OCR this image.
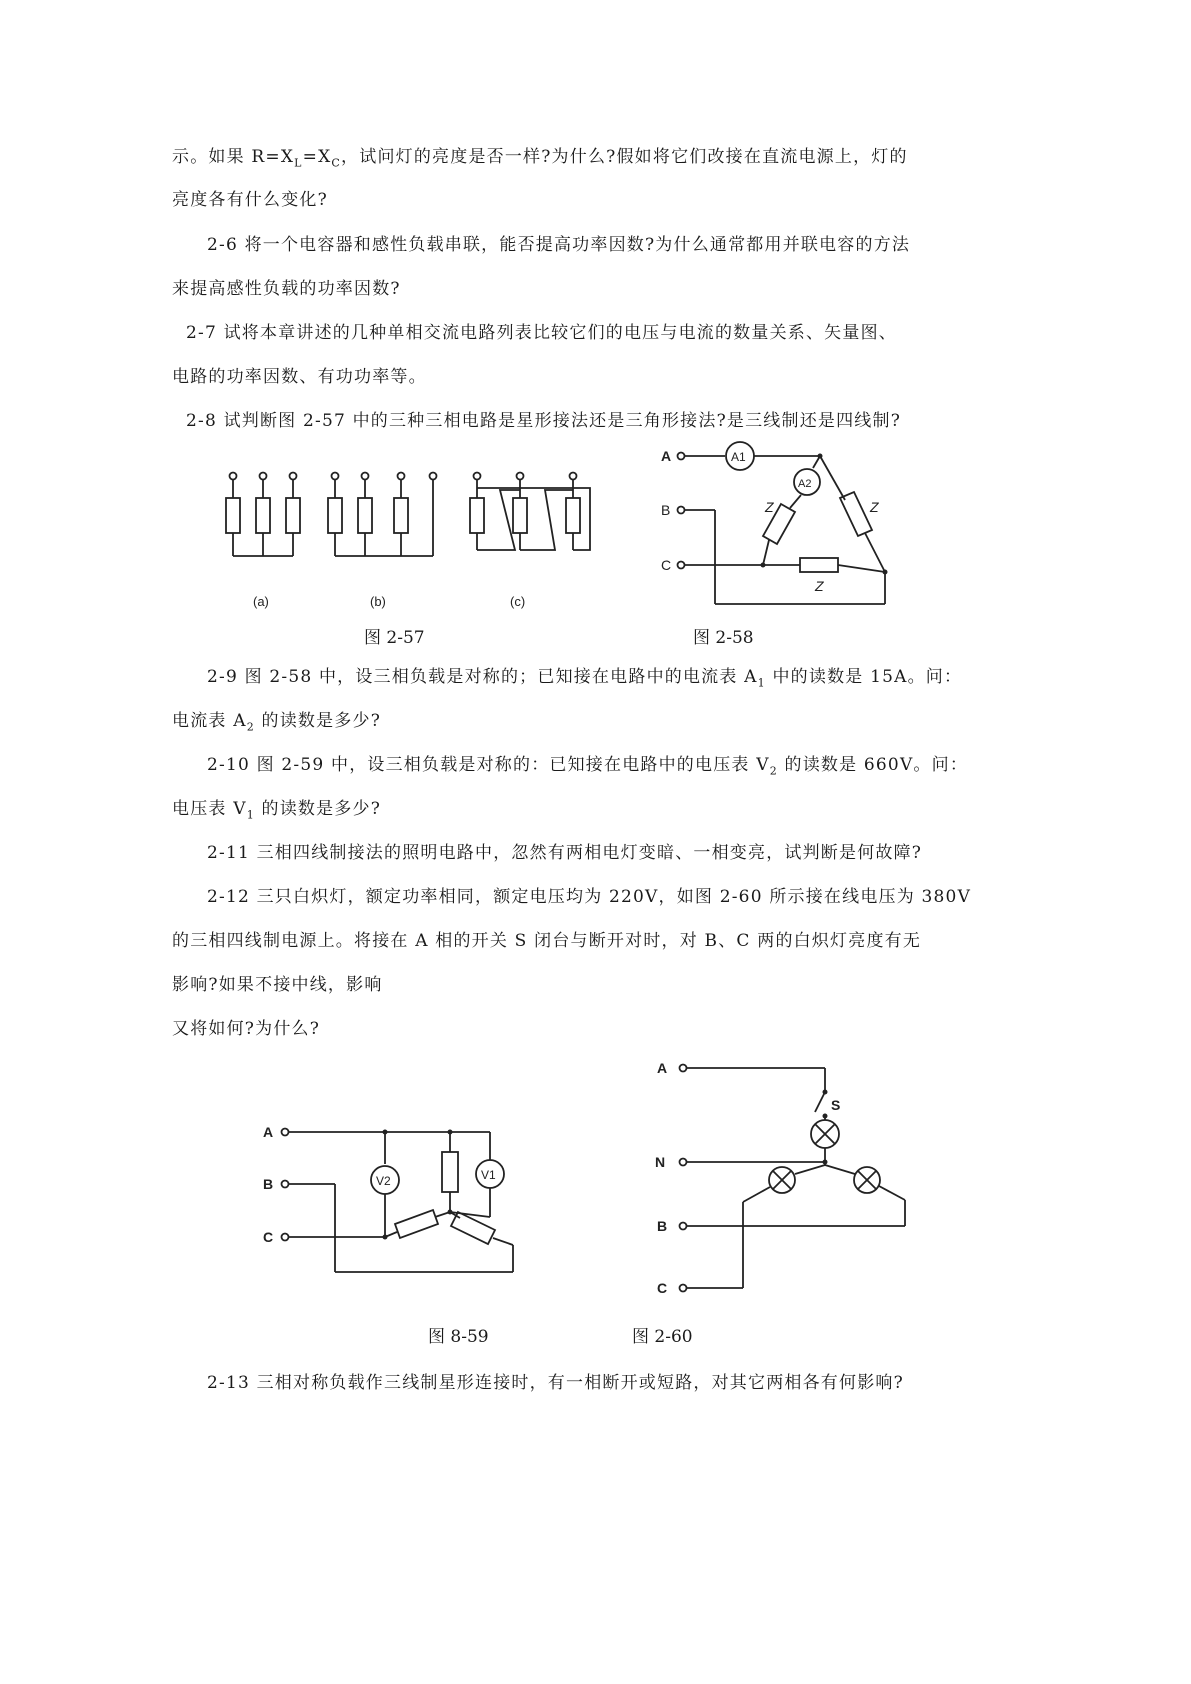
示。如果 $R=X_L=X_C$，试问灯的亮度是否一样?为什么?假如将它们改接在直流电源上，灯的
亮度各有什么变化?
2-6 将一个电容器和感性负载串联，能否提高功率因数?为什么通常都用并联电容的方法
来提高感性负载的功率因数?
2-7 试将本章讲述的几种单相交流电路列表比较它们的电压与电流的数量关系、矢量图、
电路的功率因数、有功功率等。
2-8 试判断图 2-57 中的三种三相电路是星形接法还是三角形接法?是三线制还是四线制?
2-9 图 2-58 中，设三相负载是对称的；已知接在电路中的电流表 $A_1$ 中的读数是 15A。问：
电流表 $A_2$ 的读数是多少?
2-10 图 2-59 中，设三相负载是对称的：已知接在电路中的电压表 $V_2$ 的读数是 660V。问：
电压表 $V_1$ 的读数是多少?
2-11 三相四线制接法的照明电路中，忽然有两相电灯变暗、一相变亮，试判断是何故障?
2-12 三只白炽灯，额定功率相同，额定电压均为 220V，如图 2-60 所示接在线电压为 380V
的三相四线制电源上。将接在 A 相的开关 S 闭台与断开对时，对 B、C 两的白炽灯亮度有无
影响?如果不接中线，影响
又将如何?为什么?
2-13 三相对称负载作三线制星形连接时，有一相断开或短路，对其它两相各有何影响?
(a)	(b)	(c)
图 2-57
A
B
C
A1
A2
Z	Z
Z
图 2-58
A
B
C
V2	V1
图 8-59
A
N
B
C
S
图 2-60
